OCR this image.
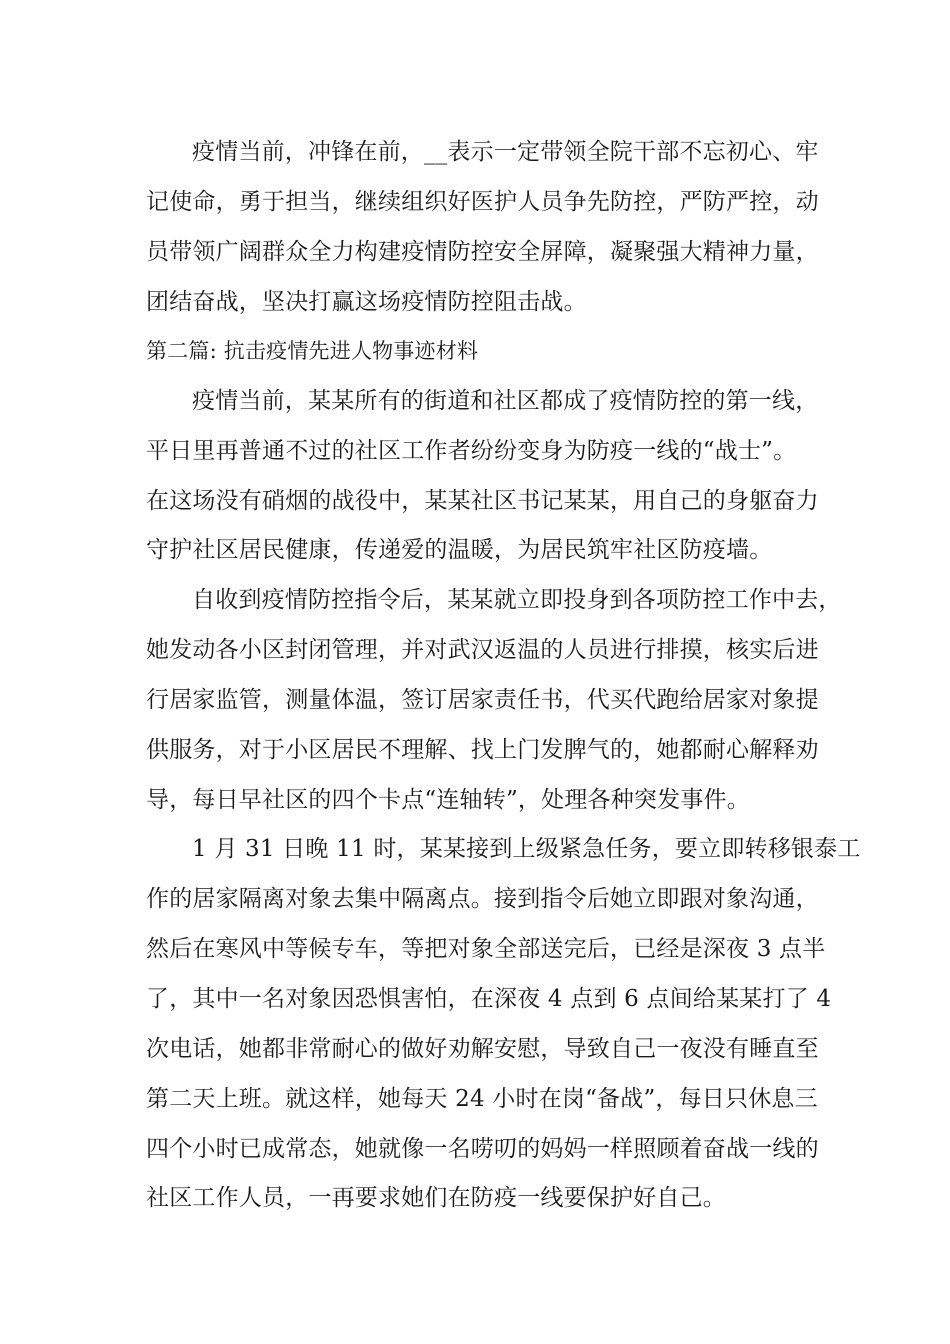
疫情当前，冲锋在前，__表示一定带领全院干部不忘初心、牢
记使命，勇于担当，继续组织好医护人员争先防控，严防严控，动
员带领广阔群众全力构建疫情防控安全屏障，凝聚强大精神力量，
团结奋战，坚决打赢这场疫情防控阻击战。
第二篇: 抗击疫情先进人物事迹材料
疫情当前，某某所有的街道和社区都成了疫情防控的第一线，
平日里再普通不过的社区工作者纷纷变身为防疫一线的“战士”。
在这场没有硝烟的战役中，某某社区书记某某，用自己的身躯奋力
守护社区居民健康，传递爱的温暖，为居民筑牢社区防疫墙。
自收到疫情防控指令后，某某就立即投身到各项防控工作中去，
她发动各小区封闭管理，并对武汉返温的人员进行排摸，核实后进
行居家监管，测量体温，签订居家责任书，代买代跑给居家对象提
供服务，对于小区居民不理解、找上门发脾气的，她都耐心解释劝
导，每日早社区的四个卡点“连轴转”，处理各种突发事件。
1 月 31 日晚 11 时，某某接到上级紧急任务，要立即转移银泰工
作的居家隔离对象去集中隔离点。接到指令后她立即跟对象沟通，
然后在寒风中等候专车，等把对象全部送完后，已经是深夜 3 点半
了，其中一名对象因恐惧害怕，在深夜 4 点到 6 点间给某某打了 4
次电话，她都非常耐心的做好劝解安慰，导致自己一夜没有睡直至
第二天上班。就这样，她每天 24 小时在岗“备战”，每日只休息三
四个小时已成常态，她就像一名唠叨的妈妈一样照顾着奋战一线的
社区工作人员，一再要求她们在防疫一线要保护好自己。
